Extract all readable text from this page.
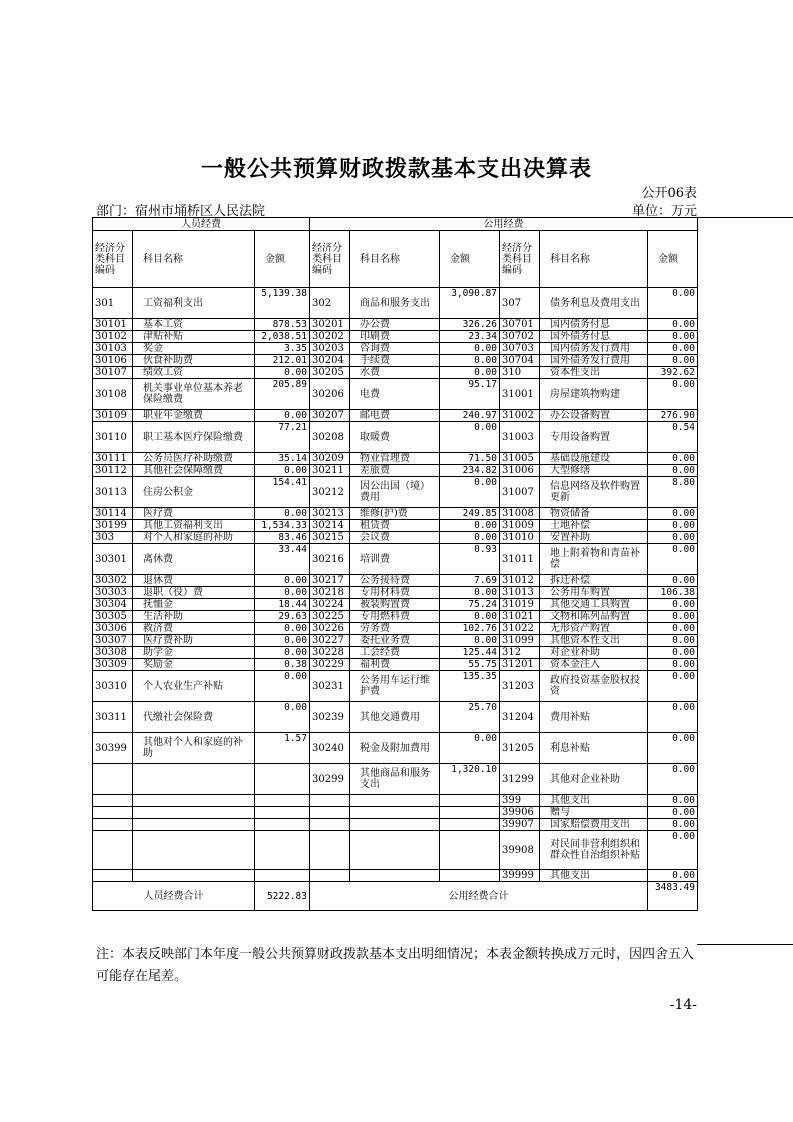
一般公共预算财政拨款基本支出决算表
公开06表
部门：宿州市埇桥区人民法院	单位：万元
人员经费			公用经费					
经济分类科目编码	科目名称	金额	经济分类科目编码	科目名称	金额	经济分类科目编码	科目名称	金额
301	工资福利支出	5,139.38	302	商品和服务支出	3,090.87	307	债务利息及费用支出	0.00
30101	基本工资	878.53	30201	办公费	326.26	30701	国内债务付息	0.00
30102	津贴补贴	2,038.51	30202	印刷费	23.34	30702	国外债务付息	0.00
30103	奖金	3.35	30203	咨询费	0.00	30703	国内债务发行费用	0.00
30106	伙食补助费	212.01	30204	手续费	0.00	30704	国外债务发行费用	0.00
30107	绩效工资	0.00	30205	水费	0.00	310	资本性支出	392.62
30108	机关事业单位基本养老保险缴费	205.89	30206	电费	95.17	31001	房屋建筑物购建	0.00
30109	职业年金缴费	0.00	30207	邮电费	240.97	31002	办公设备购置	276.90
30110	职工基本医疗保险缴费	77.21	30208	取暖费	0.00	31003	专用设备购置	0.54
30111	公务员医疗补助缴费	35.14	30209	物业管理费	71.50	31005	基础设施建设	0.00
30112	其他社会保障缴费	0.00	30211	差旅费	234.82	31006	大型修缮	0.00
30113	住房公积金	154.41	30212	因公出国（境）费用	0.00	31007	信息网络及软件购置更新	8.80
30114	医疗费	0.00	30213	维修(护)费	249.85	31008	物资储备	0.00
30199	其他工资福利支出	1,534.33	30214	租赁费	0.00	31009	土地补偿	0.00
303	对个人和家庭的补助	83.46	30215	会议费	0.00	31010	安置补助	0.00
30301	离休费	33.44	30216	培训费	0.93	31011	地上附着物和青苗补偿	0.00
30302	退休费	0.00	30217	公务接待费	7.69	31012	拆迁补偿	0.00
30303	退职（役）费	0.00	30218	专用材料费	0.00	31013	公务用车购置	106.38
30304	抚恤金	18.44	30224	被装购置费	75.24	31019	其他交通工具购置	0.00
30305	生活补助	29.63	30225	专用燃料费	0.00	31021	文物和陈列品购置	0.00
30306	救济费	0.00	30226	劳务费	102.76	31022	无形资产购置	0.00
30307	医疗费补助	0.00	30227	委托业务费	0.00	31099	其他资本性支出	0.00
30308	助学金	0.00	30228	工会经费	125.44	312	对企业补助	0.00
30309	奖励金	0.38	30229	福利费	55.75	31201	资本金注入	0.00
30310	个人农业生产补贴	0.00	30231	公务用车运行维护费	135.35	31203	政府投资基金股权投资	0.00
30311	代缴社会保险费	0.00	30239	其他交通费用	25.70	31204	费用补贴	0.00
30399	其他对个人和家庭的补助	1.57	30240	税金及附加费用	0.00	31205	利息补贴	0.00
			30299	其他商品和服务支出	1,320.10	31299	其他对企业补助	0.00
						399	其他支出	0.00
						39906	赠与	0.00
						39907	国家赔偿费用支出	0.00
						39908	对民间非营利组织和群众性自治组织补贴	0.00
						39999	其他支出	0.00
人员经费合计		5222.83	公用经费合计					3483.49
注：本表反映部门本年度一般公共预算财政拨款基本支出明细情况；本表金额转换成万元时，因四舍五入可能存在尾差。
-14-
